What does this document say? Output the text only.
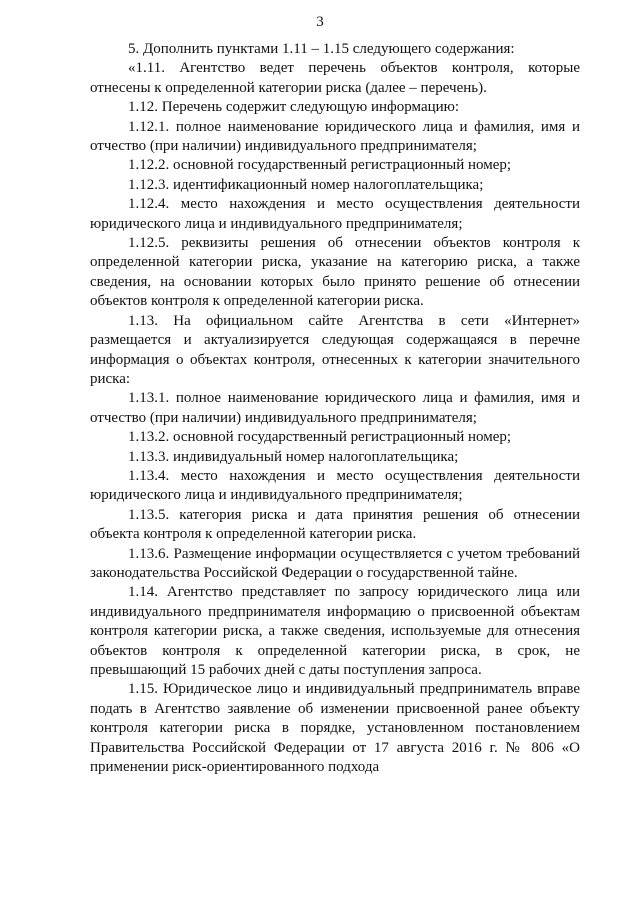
3

5. Дополнить пунктами 1.11 – 1.15 следующего содержания:

«1.11. Агентство ведет перечень объектов контроля, которые отнесены к определенной категории риска (далее – перечень).

1.12. Перечень содержит следующую информацию:

1.12.1. полное наименование юридического лица и фамилия, имя и отчество (при наличии) индивидуального предпринимателя;

1.12.2. основной государственный регистрационный номер;

1.12.3. идентификационный номер налогоплательщика;

1.12.4. место нахождения и место осуществления деятельности юридического лица и индивидуального предпринимателя;

1.12.5. реквизиты решения об отнесении объектов контроля к определенной категории риска, указание на категорию риска, а также сведения, на основании которых было принято решение об отнесении объектов контроля к определенной категории риска.

1.13. На официальном сайте Агентства в сети «Интернет» размещается и актуализируется следующая содержащаяся в перечне информация о объектах контроля, отнесенных к категории значительного риска:

1.13.1. полное наименование юридического лица и фамилия, имя и отчество (при наличии) индивидуального предпринимателя;

1.13.2. основной государственный регистрационный номер;

1.13.3. индивидуальный номер налогоплательщика;

1.13.4. место нахождения и место осуществления деятельности юридического лица и индивидуального предпринимателя;

1.13.5. категория риска и дата принятия решения об отнесении объекта контроля к определенной категории риска.

1.13.6. Размещение информации осуществляется с учетом требований законодательства Российской Федерации о государственной тайне.

1.14. Агентство представляет по запросу юридического лица или индивидуального предпринимателя информацию о присвоенной объектам контроля категории риска, а также сведения, используемые для отнесения объектов контроля к определенной категории риска, в срок, не превышающий 15 рабочих дней с даты поступления запроса.

1.15. Юридическое лицо и индивидуальный предприниматель вправе подать в Агентство заявление об изменении присвоенной ранее объекту контроля категории риска в порядке, установленном постановлением Правительства Российской Федерации от 17 августа 2016 г. № 806 «О применении риск-ориентированного подхода
